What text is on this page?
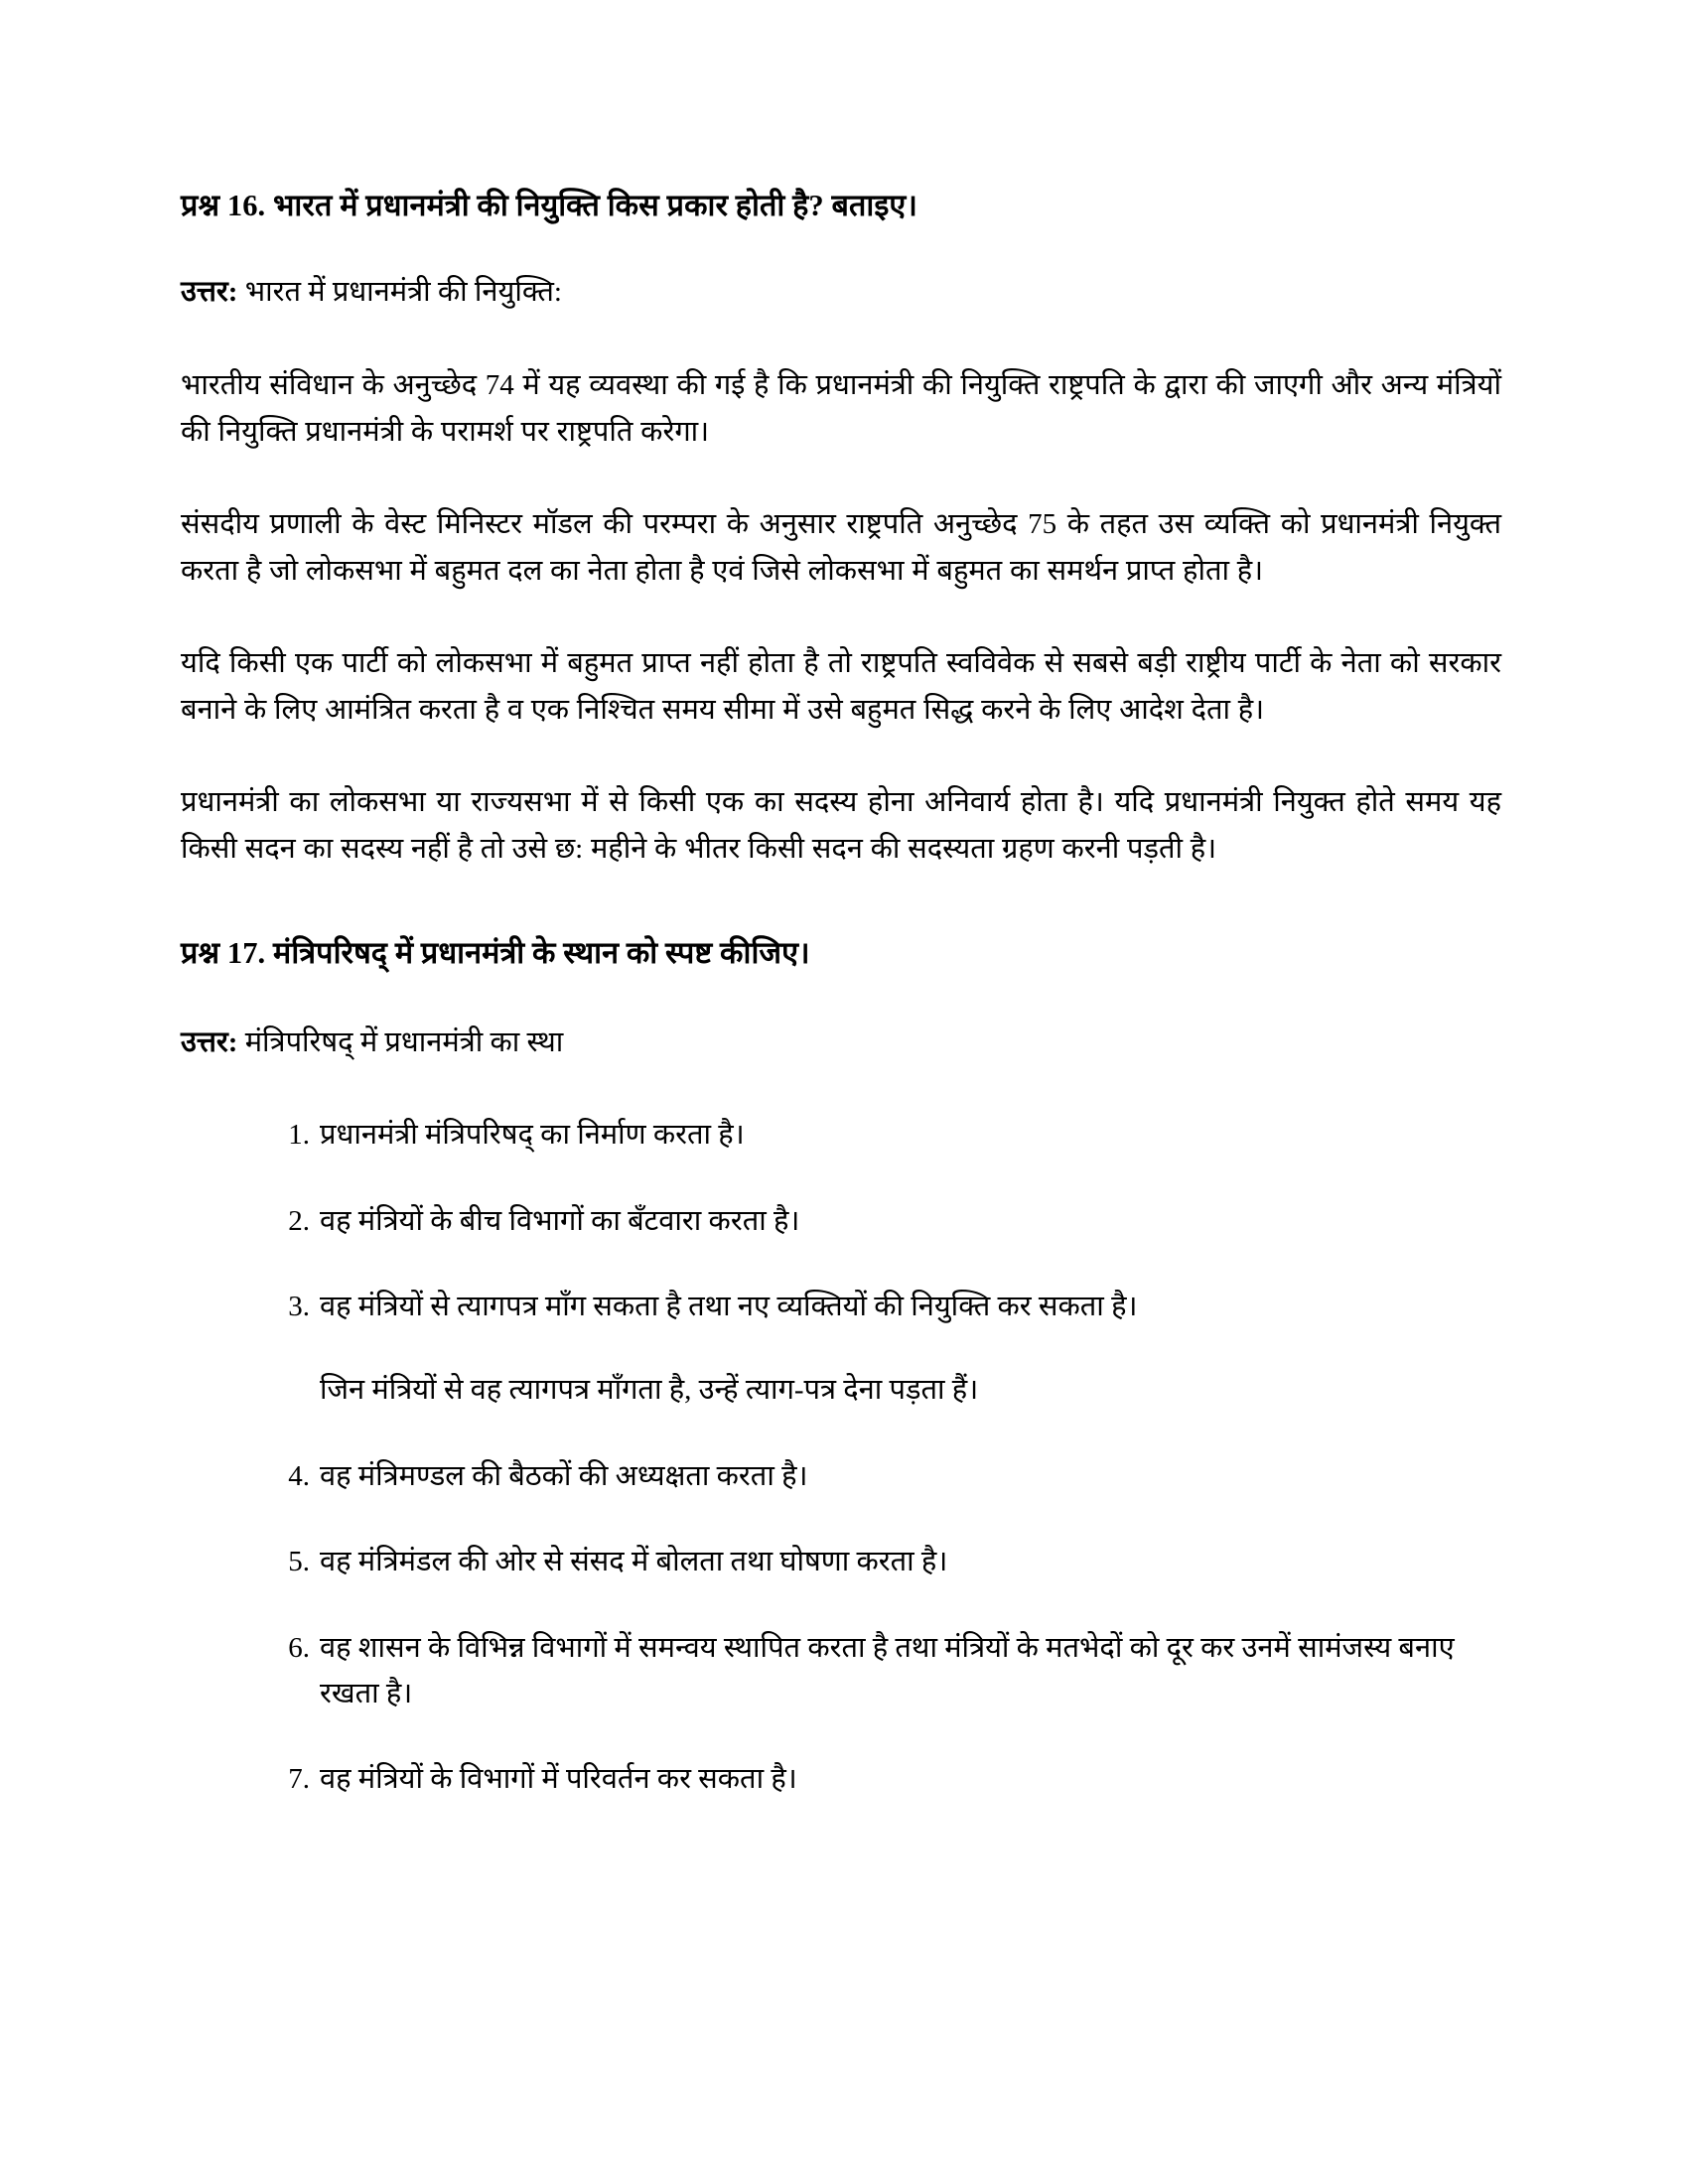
प्रश्न 16. भारत में प्रधानमंत्री की नियुक्ति किस प्रकार होती है? बताइए।

उत्तर: भारत में प्रधानमंत्री की नियुक्ति:

भारतीय संविधान के अनुच्छेद 74 में यह व्यवस्था की गई है कि प्रधानमंत्री की नियुक्ति राष्ट्रपति के द्वारा की जाएगी और अन्य मंत्रियों की नियुक्ति प्रधानमंत्री के परामर्श पर राष्ट्रपति करेगा।

संसदीय प्रणाली के वेस्ट मिनिस्टर मॉडल की परम्परा के अनुसार राष्ट्रपति अनुच्छेद 75 के तहत उस व्यक्ति को प्रधानमंत्री नियुक्त करता है जो लोकसभा में बहुमत दल का नेता होता है एवं जिसे लोकसभा में बहुमत का समर्थन प्राप्त होता है।

यदि किसी एक पार्टी को लोकसभा में बहुमत प्राप्त नहीं होता है तो राष्ट्रपति स्वविवेक से सबसे बड़ी राष्ट्रीय पार्टी के नेता को सरकार बनाने के लिए आमंत्रित करता है व एक निश्चित समय सीमा में उसे बहुमत सिद्ध करने के लिए आदेश देता है।

प्रधानमंत्री का लोकसभा या राज्यसभा में से किसी एक का सदस्य होना अनिवार्य होता है। यदि प्रधानमंत्री नियुक्त होते समय यह किसी सदन का सदस्य नहीं है तो उसे छ: महीने के भीतर किसी सदन की सदस्यता ग्रहण करनी पड़ती है।

प्रश्न 17. मंत्रिपरिषद् में प्रधानमंत्री के स्थान को स्पष्ट कीजिए।

उत्तर: मंत्रिपरिषद् में प्रधानमंत्री का स्था

प्रधानमंत्री मंत्रिपरिषद् का निर्माण करता है।
वह मंत्रियों के बीच विभागों का बँटवारा करता है।
वह मंत्रियों से त्यागपत्र माँग सकता है तथा नए व्यक्तियों की नियुक्ति कर सकता है।
जिन मंत्रियों से वह त्यागपत्र माँगता है, उन्हें त्याग-पत्र देना पड़ता हैं।
वह मंत्रिमण्डल की बैठकों की अध्यक्षता करता है।
वह मंत्रिमंडल की ओर से संसद में बोलता तथा घोषणा करता है।
वह शासन के विभिन्न विभागों में समन्वय स्थापित करता है तथा मंत्रियों के मतभेदों को दूर कर उनमें सामंजस्य बनाए रखता है।
वह मंत्रियों के विभागों में परिवर्तन कर सकता है।
